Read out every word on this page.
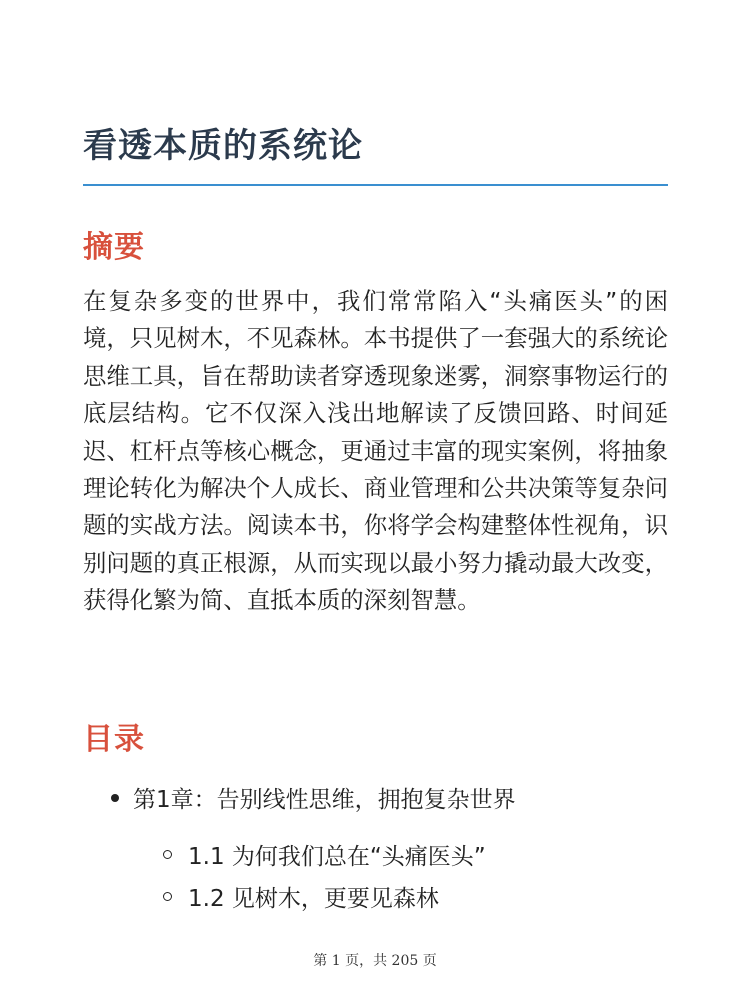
看透本质的系统论
摘要

在复杂多变的世界中，我们常常陷入“头痛医头”的困境，只见树木，不见森林。本书提供了一套强大的系统论思维工具，旨在帮助读者穿透现象迷雾，洞察事物运行的底层结构。它不仅深入浅出地解读了反馈回路、时间延迟、杠杆点等核心概念，更通过丰富的现实案例，将抽象理论转化为解决个人成长、商业管理和公共决策等复杂问题的实战方法。阅读本书，你将学会构建整体性视角，识别问题的真正根源，从而实现以最小努力撬动最大改变，获得化繁为简、直抵本质的深刻智慧。

目录
第1章：告别线性思维，拥抱复杂世界
1.1 为何我们总在“头痛医头”
1.2 见树木，更要见森林
第 1 页，共 205 页
